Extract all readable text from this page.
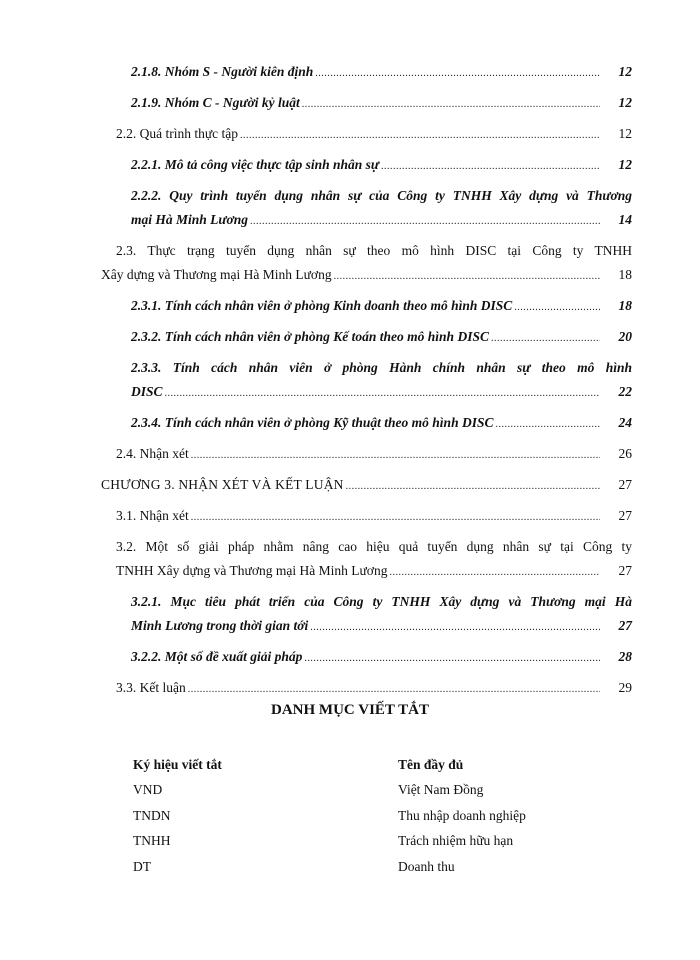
2.1.8. Nhóm S - Người kiên định .....	12
2.1.9. Nhóm C - Người kỷ luật .....	12
2.2. Quá trình thực tập .....	12
2.2.1. Mô tả công việc thực tập sinh nhân sự .....	12
2.2.2. Quy trình tuyển dụng nhân sự của Công ty TNHH Xây dựng và Thương
mại Hà Minh Lương .....	14
2.3. Thực trạng tuyển dụng nhân sự theo mô hình DISC tại Công ty TNHH
Xây dựng và Thương mại Hà Minh Lương .....	18
2.3.1. Tính cách nhân viên ở phòng Kinh doanh theo mô hình DISC .....	18
2.3.2. Tính cách nhân viên ở phòng Kế toán theo mô hình DISC .....	20
2.3.3. Tính cách nhân viên ở phòng Hành chính nhân sự theo mô hình
DISC .....	22
2.3.4. Tính cách nhân viên ở phòng Kỹ thuật theo mô hình DISC .....	24
2.4. Nhận xét .....	26
CHƯƠNG 3. NHẬN XÉT VÀ KẾT LUẬN .....	27
3.1. Nhận xét .....	27
3.2. Một số giải pháp nhằm nâng cao hiệu quả tuyển dụng nhân sự tại Công ty
TNHH Xây dựng và Thương mại Hà Minh Lương .....	27
3.2.1. Mục tiêu phát triển của Công ty TNHH Xây dựng và Thương mại Hà
Minh Lương trong thời gian tới .....	27
3.2.2. Một số đề xuất giải pháp .....	28
3.3. Kết luận .....	29
DANH MỤC VIẾT TẮT
Ký hiệu viết tắt	Tên đầy đủ
VND	Việt Nam Đồng
TNDN	Thu nhập doanh nghiệp
TNHH	Trách nhiệm hữu hạn
DT	Doanh thu
